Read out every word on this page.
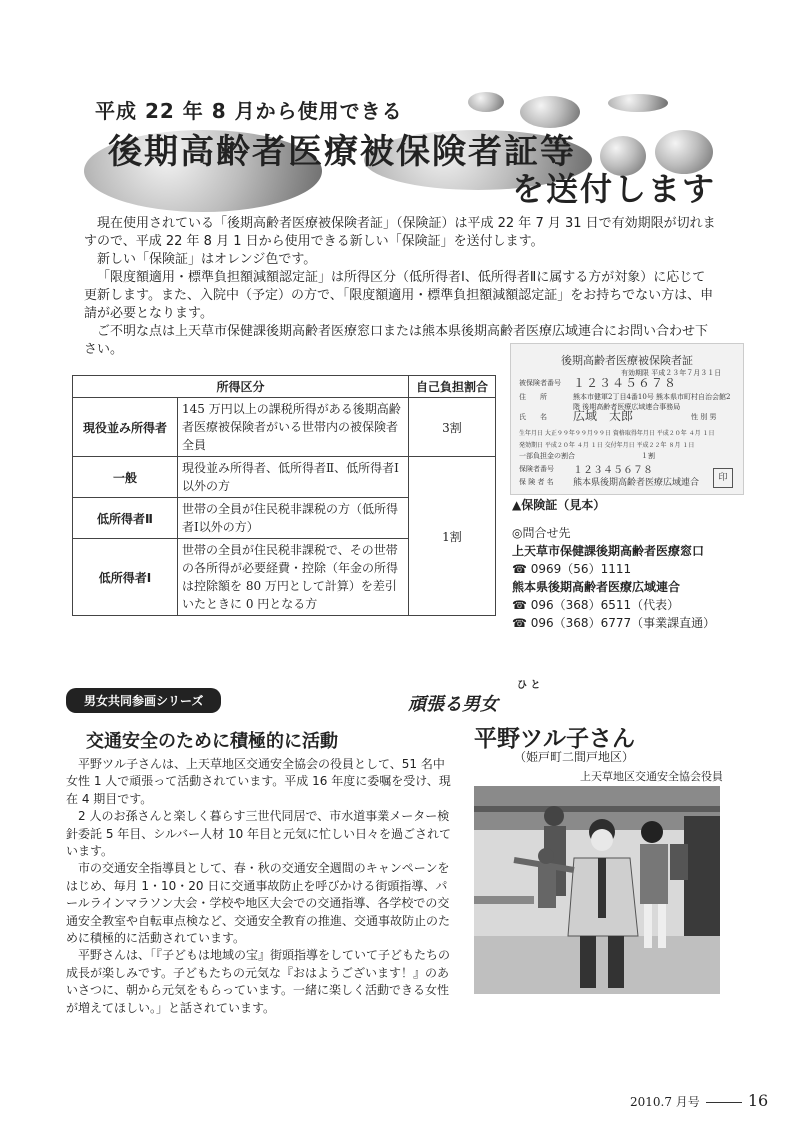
平成 22 年 8 月から使用できる
後期高齢者医療被保険者証等
を送付します

現在使用されている「後期高齢者医療被保険者証」（保険証）は平成 22 年 7 月 31 日で有効期限が切れますので、平成 22 年 8 月 1 日から使用できる新しい「保険証」を送付します。

新しい「保険証」はオレンジ色です。

「限度額適用・標準負担額減額認定証」は所得区分（低所得者Ⅰ、低所得者Ⅱに属する方が対象）に応じて更新します。また、入院中（予定）の方で、「限度額適用・標準負担額減額認定証」をお持ちでない方は、申請が必要となります。

ご不明な点は上天草市保健課後期高齢者医療窓口または熊本県後期高齢者医療広域連合にお問い合わせ下さい。

所得区分		自己負担割合
現役並み所得者	145 万円以上の課税所得がある後期高齢者医療被保険者がいる世帯内の被保険者全員	3割
一般	現役並み所得者、低所得者Ⅱ、低所得者Ⅰ以外の方	1割
低所得者Ⅱ	世帯の全員が住民税非課税の方（低所得者Ⅰ以外の方）	
低所得者Ⅰ	世帯の全員が住民税非課税で、その世帯の各所得が必要経費・控除（年金の所得は控除額を 80 万円として計算）を差引いたときに 0 円となる方	
後期高齢者医療被保険者証
有効期限 平成２３年７月３１日
被保険者番号 １２３４５６７８
住　　所	熊本市健軍2丁目4番10号 熊本県市町村自治会館2階 後期高齢者医療広域連合事務局
氏　　名 広域　太郎	性 別 男
生年月日 大正９９年９９月９９日 資格取得年月日 平成２０年 ４月 １日
発効期日 平成２０年 ４月 １日 交付年月日 平成２２年 ８月 １日
一部負担金の割合	１割
保険者番号 １２３４５６７８
保 険 者 名 熊本県後期高齢者医療広域連合	印
▲保険証（見本）
◎問合せ先
上天草市保健課後期高齢者医療窓口
☎ 0969（56）1111
熊本県後期高齢者医療広域連合
☎ 096（368）6511（代表）
☎ 096（368）6777（事業課直通）
男女共同参画シリーズ
交通安全のために積極的に活動

平野ツル子さんは、上天草地区交通安全協会の役員として、51 名中女性 1 人で頑張って活動されています。平成 16 年度に委嘱を受け、現在 4 期目です。

2 人のお孫さんと楽しく暮らす三世代同居で、市水道事業メーター検針委託 5 年目、シルバー人材 10 年目と元気に忙しい日々を過ごされています。

市の交通安全指導員として、春・秋の交通安全週間のキャンペーンをはじめ、毎月 1・10・20 日に交通事故防止を呼びかける街頭指導、パールラインマラソン大会・学校や地区大会での交通指導、各学校での交通安全教室や自転車点検など、交通安全教育の推進、交通事故防止のために積極的に活動されています。

平野さんは、「『子どもは地域の宝』街頭指導をしていて子どもたちの成長が楽しみです。子どもたちの元気な『おはようございます！』のあいさつに、朝から元気をもらっています。一緒に楽しく活動できる女性が増えてほしい。」と話されています。

ひ と
頑張る男女
平野ツル子さん
（姫戸町二間戸地区）
上天草地区交通安全協会役員
2010.7 月号	16
